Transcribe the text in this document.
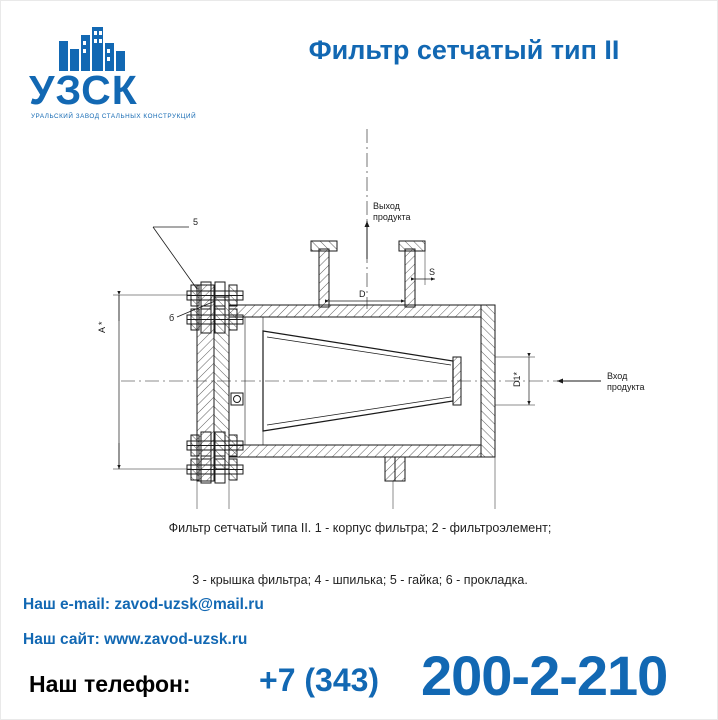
УЗСК
УРАЛЬСКИЙ ЗАВОД СТАЛЬНЫХ КОНСТРУКЦИЙ
Фильтр сетчатый тип II
Выход
продукта
Вход
продукта
D
S
D1*
A *
5
б
Фильтр сетчатый типа II. 1 - корпус фильтра; 2 - фильтроэлемент;
3 - крышка фильтра; 4 - шпилька; 5 - гайка; 6 - прокладка.
Наш e-mail: zavod-uzsk@mail.ru
Наш сайт: www.zavod-uzsk.ru
Наш телефон: +7 (343) 200-2-210
